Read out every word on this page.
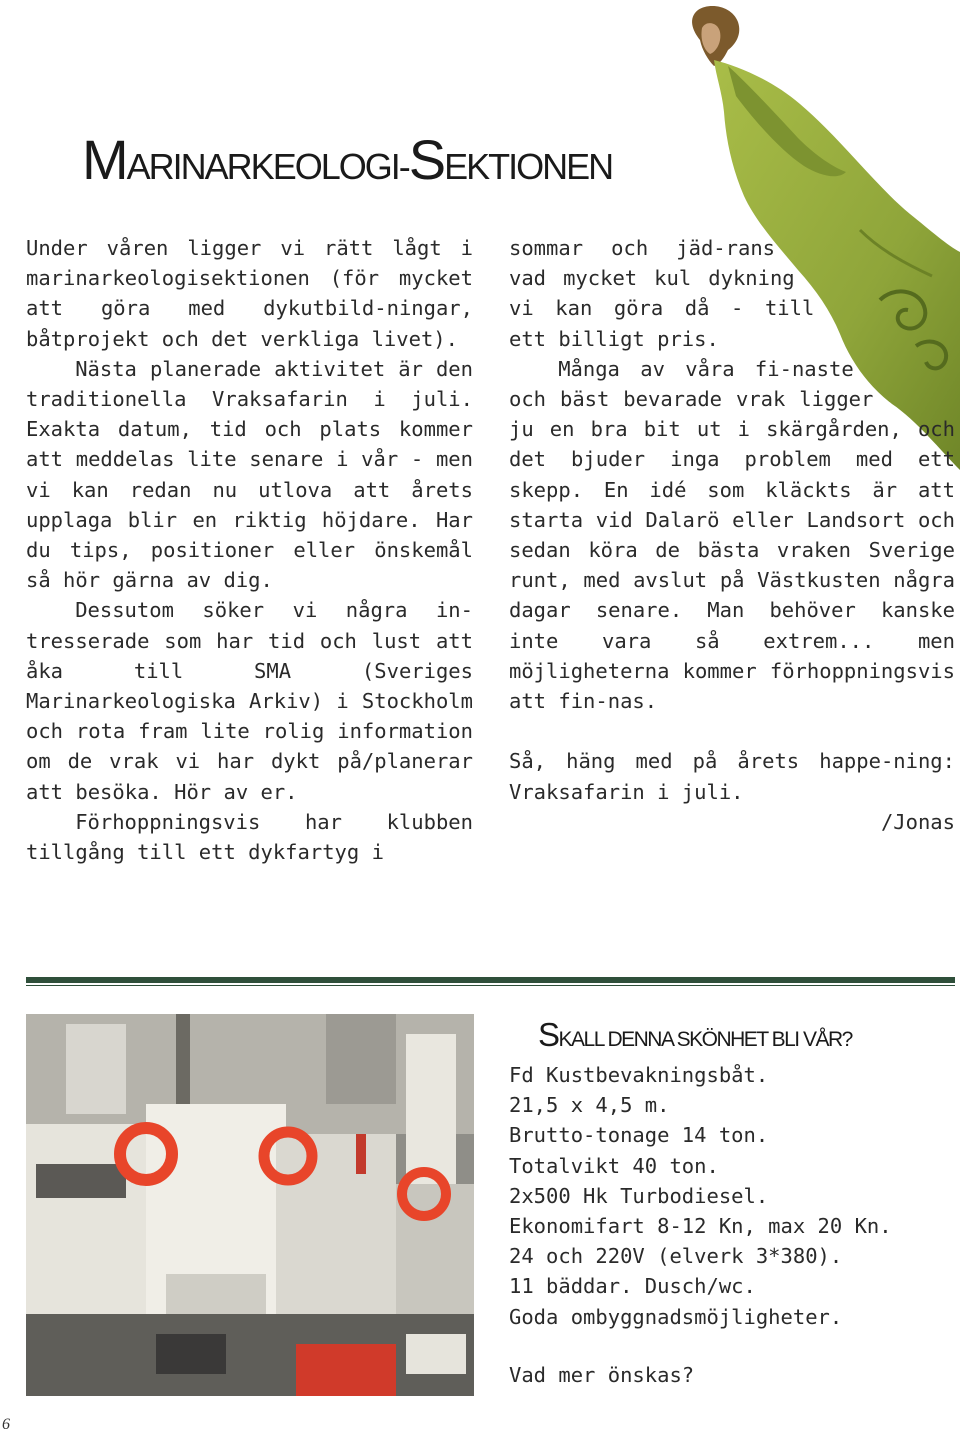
MARINARKEOLOGI-SEKTIONEN

Under våren ligger vi rätt lågt i marinarkeologisektionen (för mycket att göra med dykutbild-ningar, båtprojekt och det verkliga livet).

Nästa planerade aktivitet är den traditionella Vraksafarin i juli. Exakta datum, tid och plats kommer att meddelas lite senare i vår - men vi kan redan nu utlova att årets upplaga blir en riktig höjdare. Har du tips, positioner eller önskemål så hör gärna av dig.

Dessutom söker vi några in-tresserade som har tid och lust att åka till SMA (Sveriges Marinarkeologiska Arkiv) i Stockholm och rota fram lite rolig information om de vrak vi har dykt på/planerar att besöka. Hör av er.

Förhoppningsvis har klubben tillgång till ett dykfartyg i

sommar och jäd-rans vad mycket kul dykning vi kan göra då - till ett billigt pris.

Många av våra fi-naste och bäst bevarade vrak ligger ju en bra bit ut i skärgården, och det bjuder inga problem med ett skepp. En idé som kläckts är att starta vid Dalarö eller Landsort och sedan köra de bästa vraken Sverige runt, med avslut på Västkusten några dagar senare. Man behöver kanske inte vara så extrem... men möjligheterna kommer förhoppningsvis att fin-nas.

Så, häng med på årets happe-ning: Vraksafarin i juli.

/Jonas

SKALL DENNA SKÖNHET BLI VÅR?
Fd Kustbevakningsbåt.
21,5 x 4,5 m.
Brutto-tonage 14 ton.
Totalvikt 40 ton.
2x500 Hk Turbodiesel.
Ekonomifart 8-12 Kn, max 20 Kn.
24 och 220V (elverk 3*380).
11 bäddar. Dusch/wc.
Goda ombyggnadsmöjligheter.

Vad mer önskas?

6
